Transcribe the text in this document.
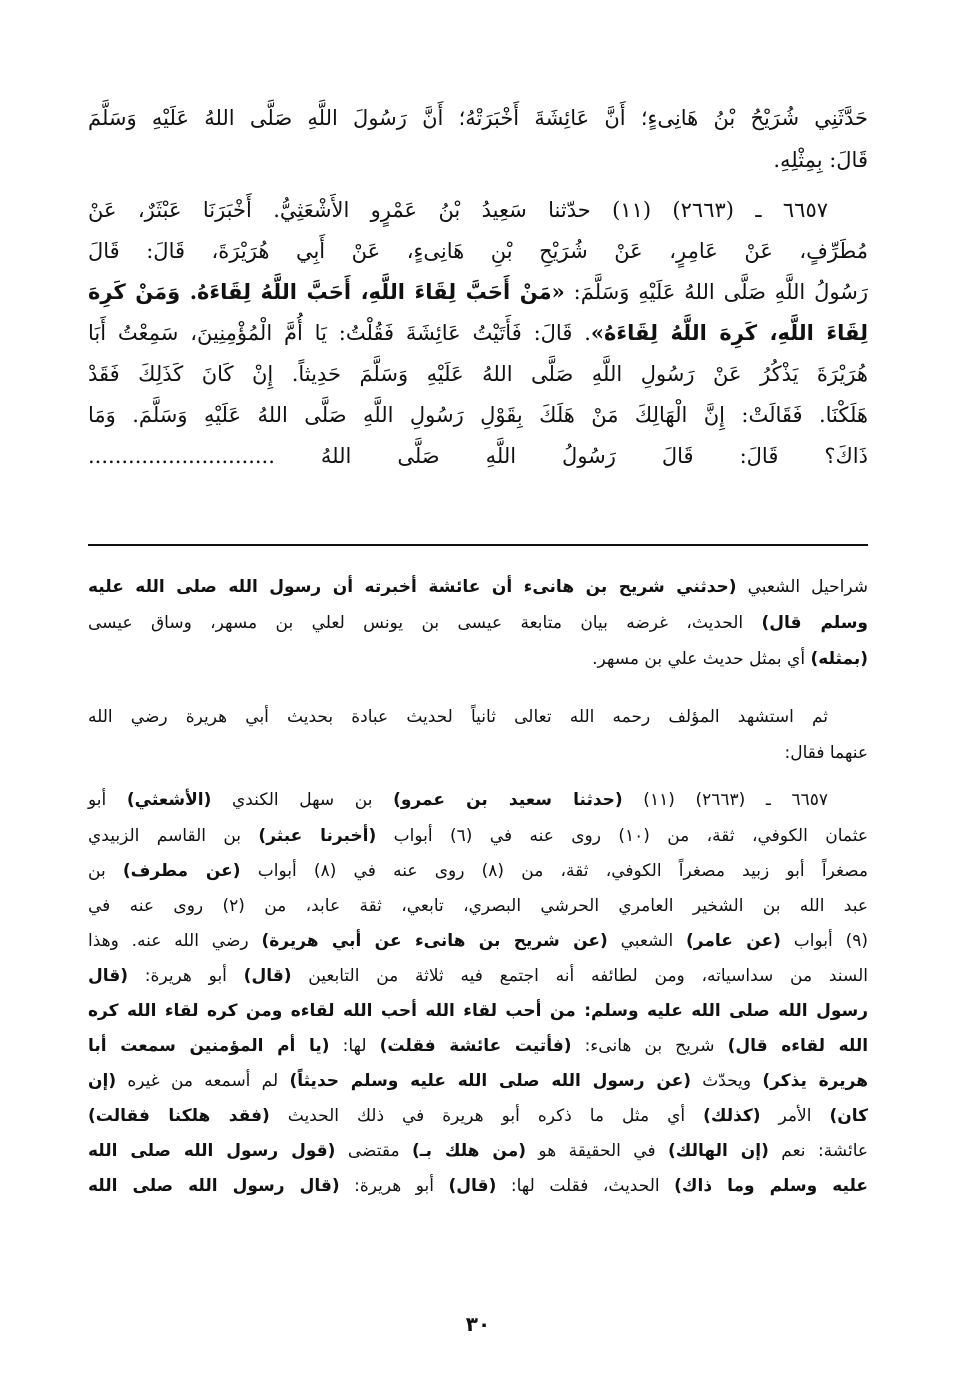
حَدَّثَنِي شُرَيْحُ بْنُ هَانِىءٍ؛ أَنَّ عَائِشَةَ أَخْبَرَتْهُ؛ أَنَّ رَسُولَ اللَّهِ صَلَّى اللهُ عَلَيْهِ وَسَلَّمَ
قَالَ: بِمِثْلِهِ.
٦٦٥٧ ـ (٢٦٦٣) (١١) حدّثنا سَعِيدُ بْنُ عَمْرٍو الأَشْعَثِيُّ. أَخْبَرَنَا عَبْثَرٌ، عَنْ
مُطَرِّفٍ، عَنْ عَامِرٍ، عَنْ شُرَيْحِ بْنِ هَانِىءٍ، عَنْ أَبِي هُرَيْرَةَ، قَالَ: قَالَ
رَسُولُ اللَّهِ صَلَّى اللهُ عَلَيْهِ وَسَلَّمَ: «مَنْ أَحَبَّ لِقَاءَ اللَّهِ، أَحَبَّ اللَّهُ لِقَاءَهُ. وَمَنْ كَرِهَ
لِقَاءَ اللَّهِ، كَرِهَ اللَّهُ لِقَاءَهُ». قَالَ: فَأَتَيْتُ عَائِشَةَ فَقُلْتُ: يَا أُمَّ الْمُؤْمِنِينَ، سَمِعْتُ أَبَا
هُرَيْرَةَ يَذْكُرُ عَنْ رَسُولِ اللَّهِ صَلَّى اللهُ عَلَيْهِ وَسَلَّمَ حَدِيثاً. إِنْ كَانَ كَذَلِكَ فَقَدْ
هَلَكْنَا. فَقَالَتْ: إِنَّ الْهَالِكَ مَنْ هَلَكَ بِقَوْلِ رَسُولِ اللَّهِ صَلَّى اللهُ عَلَيْهِ وَسَلَّمَ. وَمَا
ذَاكَ؟ قَالَ: قَالَ رَسُولُ اللَّهِ صَلَّى اللهُ ............................
شراحيل الشعبي (حدثني شريح بن هانىء أن عائشة أخبرته أن رسول الله صلى الله عليه
وسلم قال) الحديث، غرضه بيان متابعة عيسى بن يونس لعلي بن مسهر، وساق عيسى
(بمثله) أي بمثل حديث علي بن مسهر.
ثم استشهد المؤلف رحمه الله تعالى ثانياً لحديث عبادة بحديث أبي هريرة رضي الله
عنهما فقال:
٦٦٥٧ ـ (٢٦٦٣) (١١) (حدثنا سعيد بن عمرو) بن سهل الكندي (الأشعثي) أبو
عثمان الكوفي، ثقة، من (١٠) روى عنه في (٦) أبواب (أخبرنا عبثر) بن القاسم الزبيدي
مصغراً أبو زبيد مصغراً الكوفي، ثقة، من (٨) روى عنه في (٨) أبواب (عن مطرف) بن
عبد الله بن الشخير العامري الحرشي البصري، تابعي، ثقة عابد، من (٢) روى عنه في
(٩) أبواب (عن عامر) الشعبي (عن شريح بن هانىء عن أبي هريرة) رضي الله عنه. وهذا
السند من سداسياته، ومن لطائفه أنه اجتمع فيه ثلاثة من التابعين (قال) أبو هريرة: (قال
رسول الله صلى الله عليه وسلم: من أحب لقاء الله أحب الله لقاءه ومن كره لقاء الله كره
الله لقاءه قال) شريح بن هانىء: (فأتيت عائشة فقلت) لها: (يا أم المؤمنين سمعت أبا
هريرة يذكر) ويحدّث (عن رسول الله صلى الله عليه وسلم حديثاً) لم أسمعه من غيره (إن
كان) الأمر (كذلك) أي مثل ما ذكره أبو هريرة في ذلك الحديث (فقد هلكنا فقالت)
عائشة: نعم (إن الهالك) في الحقيقة هو (من هلك بـ) مقتضى (قول رسول الله صلى الله
عليه وسلم وما ذاك) الحديث، فقلت لها: (قال) أبو هريرة: (قال رسول الله صلى الله
٣٠
